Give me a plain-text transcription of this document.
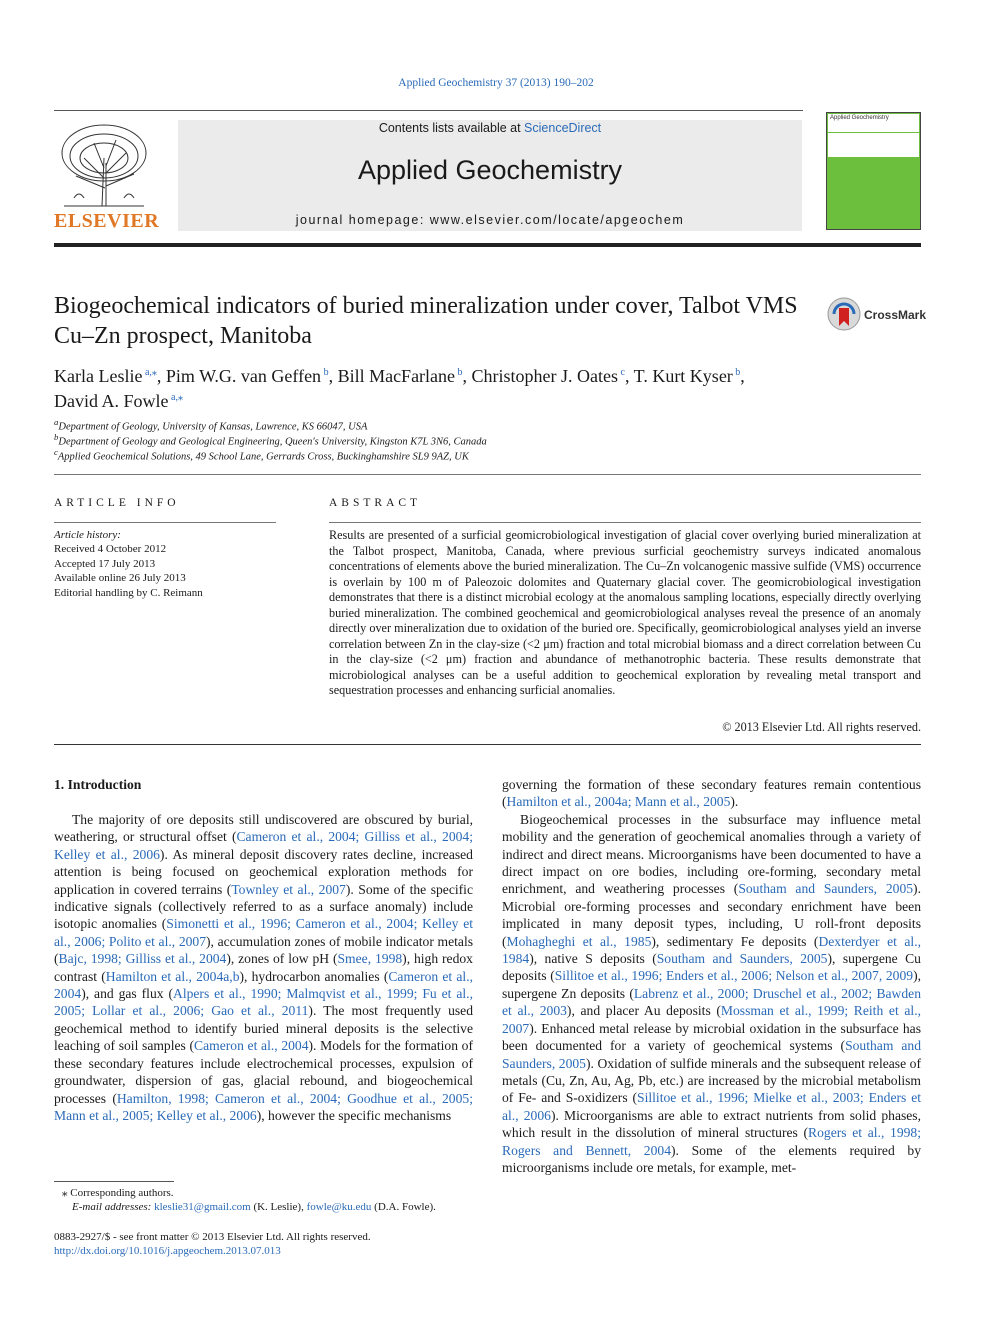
Applied Geochemistry 37 (2013) 190–202
ELSEVIER
Contents lists available at ScienceDirect
Applied Geochemistry
journal homepage: www.elsevier.com/locate/apgeochem
Applied Geochemistry
Biogeochemical indicators of buried mineralization under cover, Talbot VMS Cu–Zn prospect, Manitoba
CrossMark
Karla Leslie $^{a,⁎}$, Pim W.G. van Geffen $^b$, Bill MacFarlane $^b$, Christopher J. Oates $^c$, T. Kurt Kyser $^b$,
David A. Fowle $^{a,⁎}$
$^a$Department of Geology, University of Kansas, Lawrence, KS 66047, USA
$^b$Department of Geology and Geological Engineering, Queen's University, Kingston K7L 3N6, Canada
$^c$Applied Geochemical Solutions, 49 School Lane, Gerrards Cross, Buckinghamshire SL9 9AZ, UK
ARTICLE INFO
Article history:
Received 4 October 2012
Accepted 17 July 2013
Available online 26 July 2013
Editorial handling by C. Reimann
ABSTRACT
Results are presented of a surficial geomicrobiological investigation of glacial cover overlying buried mineralization at the Talbot prospect, Manitoba, Canada, where previous surficial geochemistry surveys indicated anomalous concentrations of elements above the buried mineralization. The Cu–Zn volcanogenic massive sulfide (VMS) occurrence is overlain by 100 m of Paleozoic dolomites and Quaternary glacial cover. The geomicrobiological investigation demonstrates that there is a distinct microbial ecology at the anomalous sampling locations, especially directly overlying buried mineralization. The combined geochemical and geomicrobiological analyses reveal the presence of an anomaly directly over mineralization due to oxidation of the buried ore. Specifically, geomicrobiological analyses yield an inverse correlation between Zn in the clay-size (<2 μm) fraction and total microbial biomass and a direct correlation between Cu in the clay-size (<2 μm) fraction and abundance of methanotrophic bacteria. These results demonstrate that microbiological analyses can be a useful addition to geochemical exploration by revealing metal transport and sequestration processes and enhancing surficial anomalies.
© 2013 Elsevier Ltd. All rights reserved.
1. Introduction

The majority of ore deposits still undiscovered are obscured by burial, weathering, or structural offset (Cameron et al., 2004; Gilliss et al., 2004; Kelley et al., 2006). As mineral deposit discovery rates decline, increased attention is being focused on geochemical exploration methods for application in covered terrains (Townley et al., 2007). Some of the specific indicative signals (collectively referred to as a surface anomaly) include isotopic anomalies (Simonetti et al., 1996; Cameron et al., 2004; Kelley et al., 2006; Polito et al., 2007), accumulation zones of mobile indicator metals (Bajc, 1998; Gilliss et al., 2004), zones of low pH (Smee, 1998), high redox contrast (Hamilton et al., 2004a,b), hydrocarbon anomalies (Cameron et al., 2004), and gas flux (Alpers et al., 1990; Malmqvist et al., 1999; Fu et al., 2005; Lollar et al., 2006; Gao et al., 2011). The most frequently used geochemical method to identify buried mineral deposits is the selective leaching of soil samples (Cameron et al., 2004). Models for the formation of these secondary features include electrochemical processes, expulsion of groundwater, dispersion of gas, glacial rebound, and biogeochemical processes (Hamilton, 1998; Cameron et al., 2004; Goodhue et al., 2005; Mann et al., 2005; Kelley et al., 2006), however the specific mechanisms

governing the formation of these secondary features remain contentious (Hamilton et al., 2004a; Mann et al., 2005).

Biogeochemical processes in the subsurface may influence metal mobility and the generation of geochemical anomalies through a variety of indirect and direct means. Microorganisms have been documented to have a direct impact on ore bodies, including ore-forming, secondary metal enrichment, and weathering processes (Southam and Saunders, 2005). Microbial ore-forming processes and secondary enrichment have been implicated in many deposit types, including, U roll-front deposits (Mohagheghi et al., 1985), sedimentary Fe deposits (Dexterdyer et al., 1984), native S deposits (Southam and Saunders, 2005), supergene Cu deposits (Sillitoe et al., 1996; Enders et al., 2006; Nelson et al., 2007, 2009), supergene Zn deposits (Labrenz et al., 2000; Druschel et al., 2002; Bawden et al., 2003), and placer Au deposits (Mossman et al., 1999; Reith et al., 2007). Enhanced metal release by microbial oxidation in the subsurface has been documented for a variety of geochemical systems (Southam and Saunders, 2005). Oxidation of sulfide minerals and the subsequent release of metals (Cu, Zn, Au, Ag, Pb, etc.) are increased by the microbial metabolism of Fe- and S-oxidizers (Sillitoe et al., 1996; Mielke et al., 2003; Enders et al., 2006). Microorganisms are able to extract nutrients from solid phases, which result in the dissolution of mineral structures (Rogers et al., 1998; Rogers and Bennett, 2004). Some of the elements required by microorganisms include ore metals, for example, met-

⁎ Corresponding authors.
E-mail addresses: kleslie31@gmail.com (K. Leslie), fowle@ku.edu (D.A. Fowle).
0883-2927/$ - see front matter © 2013 Elsevier Ltd. All rights reserved.
http://dx.doi.org/10.1016/j.apgeochem.2013.07.013
